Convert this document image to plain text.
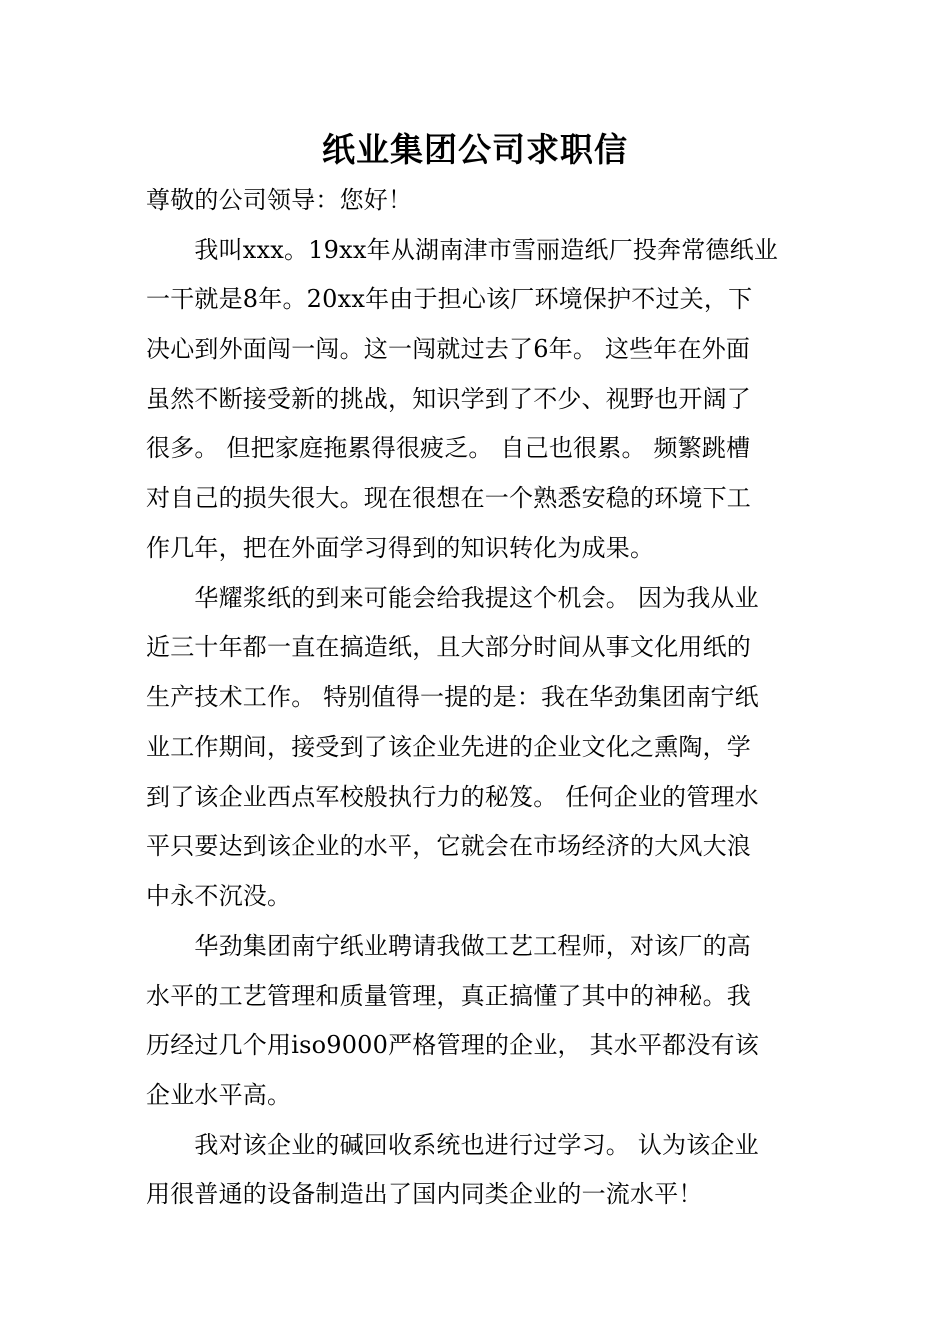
纸业集团公司求职信

尊敬的公司领导：您好！

　　我叫xxx。19xx年从湖南津市雪丽造纸厂投奔常德纸业

一干就是8年。20xx年由于担心该厂环境保护不过关，下

决心到外面闯一闯。这一闯就过去了6年。 这些年在外面

虽然不断接受新的挑战，知识学到了不少、视野也开阔了

很多。 但把家庭拖累得很疲乏。 自己也很累。 频繁跳槽

对自己的损失很大。现在很想在一个熟悉安稳的环境下工

作几年，把在外面学习得到的知识转化为成果。

　　华耀浆纸的到来可能会给我提这个机会。 因为我从业

近三十年都一直在搞造纸，且大部分时间从事文化用纸的

生产技术工作。 特别值得一提的是：我在华劲集团南宁纸

业工作期间，接受到了该企业先进的企业文化之熏陶，学

到了该企业西点军校般执行力的秘笈。 任何企业的管理水

平只要达到该企业的水平，它就会在市场经济的大风大浪

中永不沉没。

　　华劲集团南宁纸业聘请我做工艺工程师，对该厂的高

水平的工艺管理和质量管理，真正搞懂了其中的神秘。我

历经过几个用iso9000严格管理的企业， 其水平都没有该

企业水平高。

　　我对该企业的碱回收系统也进行过学习。 认为该企业

用很普通的设备制造出了国内同类企业的一流水平！
